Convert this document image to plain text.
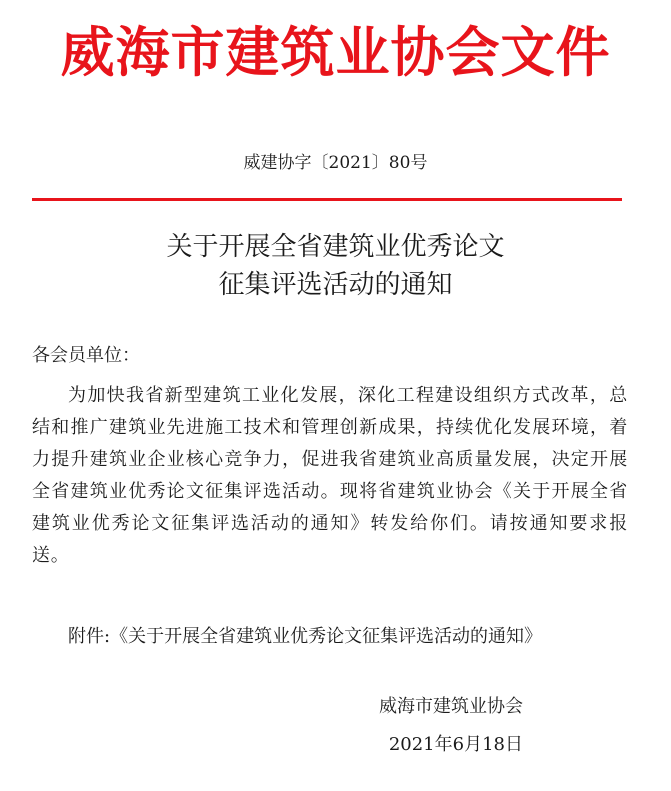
威海市建筑业协会文件
威建协字〔2021〕80号
关于开展全省建筑业优秀论文
征集评选活动的通知
各会员单位：
为加快我省新型建筑工业化发展，深化工程建设组织方式改革，总结和推广建筑业先进施工技术和管理创新成果，持续优化发展环境，着力提升建筑业企业核心竞争力，促进我省建筑业高质量发展，决定开展全省建筑业优秀论文征集评选活动。现将省建筑业协会《关于开展全省建筑业优秀论文征集评选活动的通知》转发给你们。请按通知要求报送。
附件:《关于开展全省建筑业优秀论文征集评选活动的通知》
威海市建筑业协会
2021年6月18日
